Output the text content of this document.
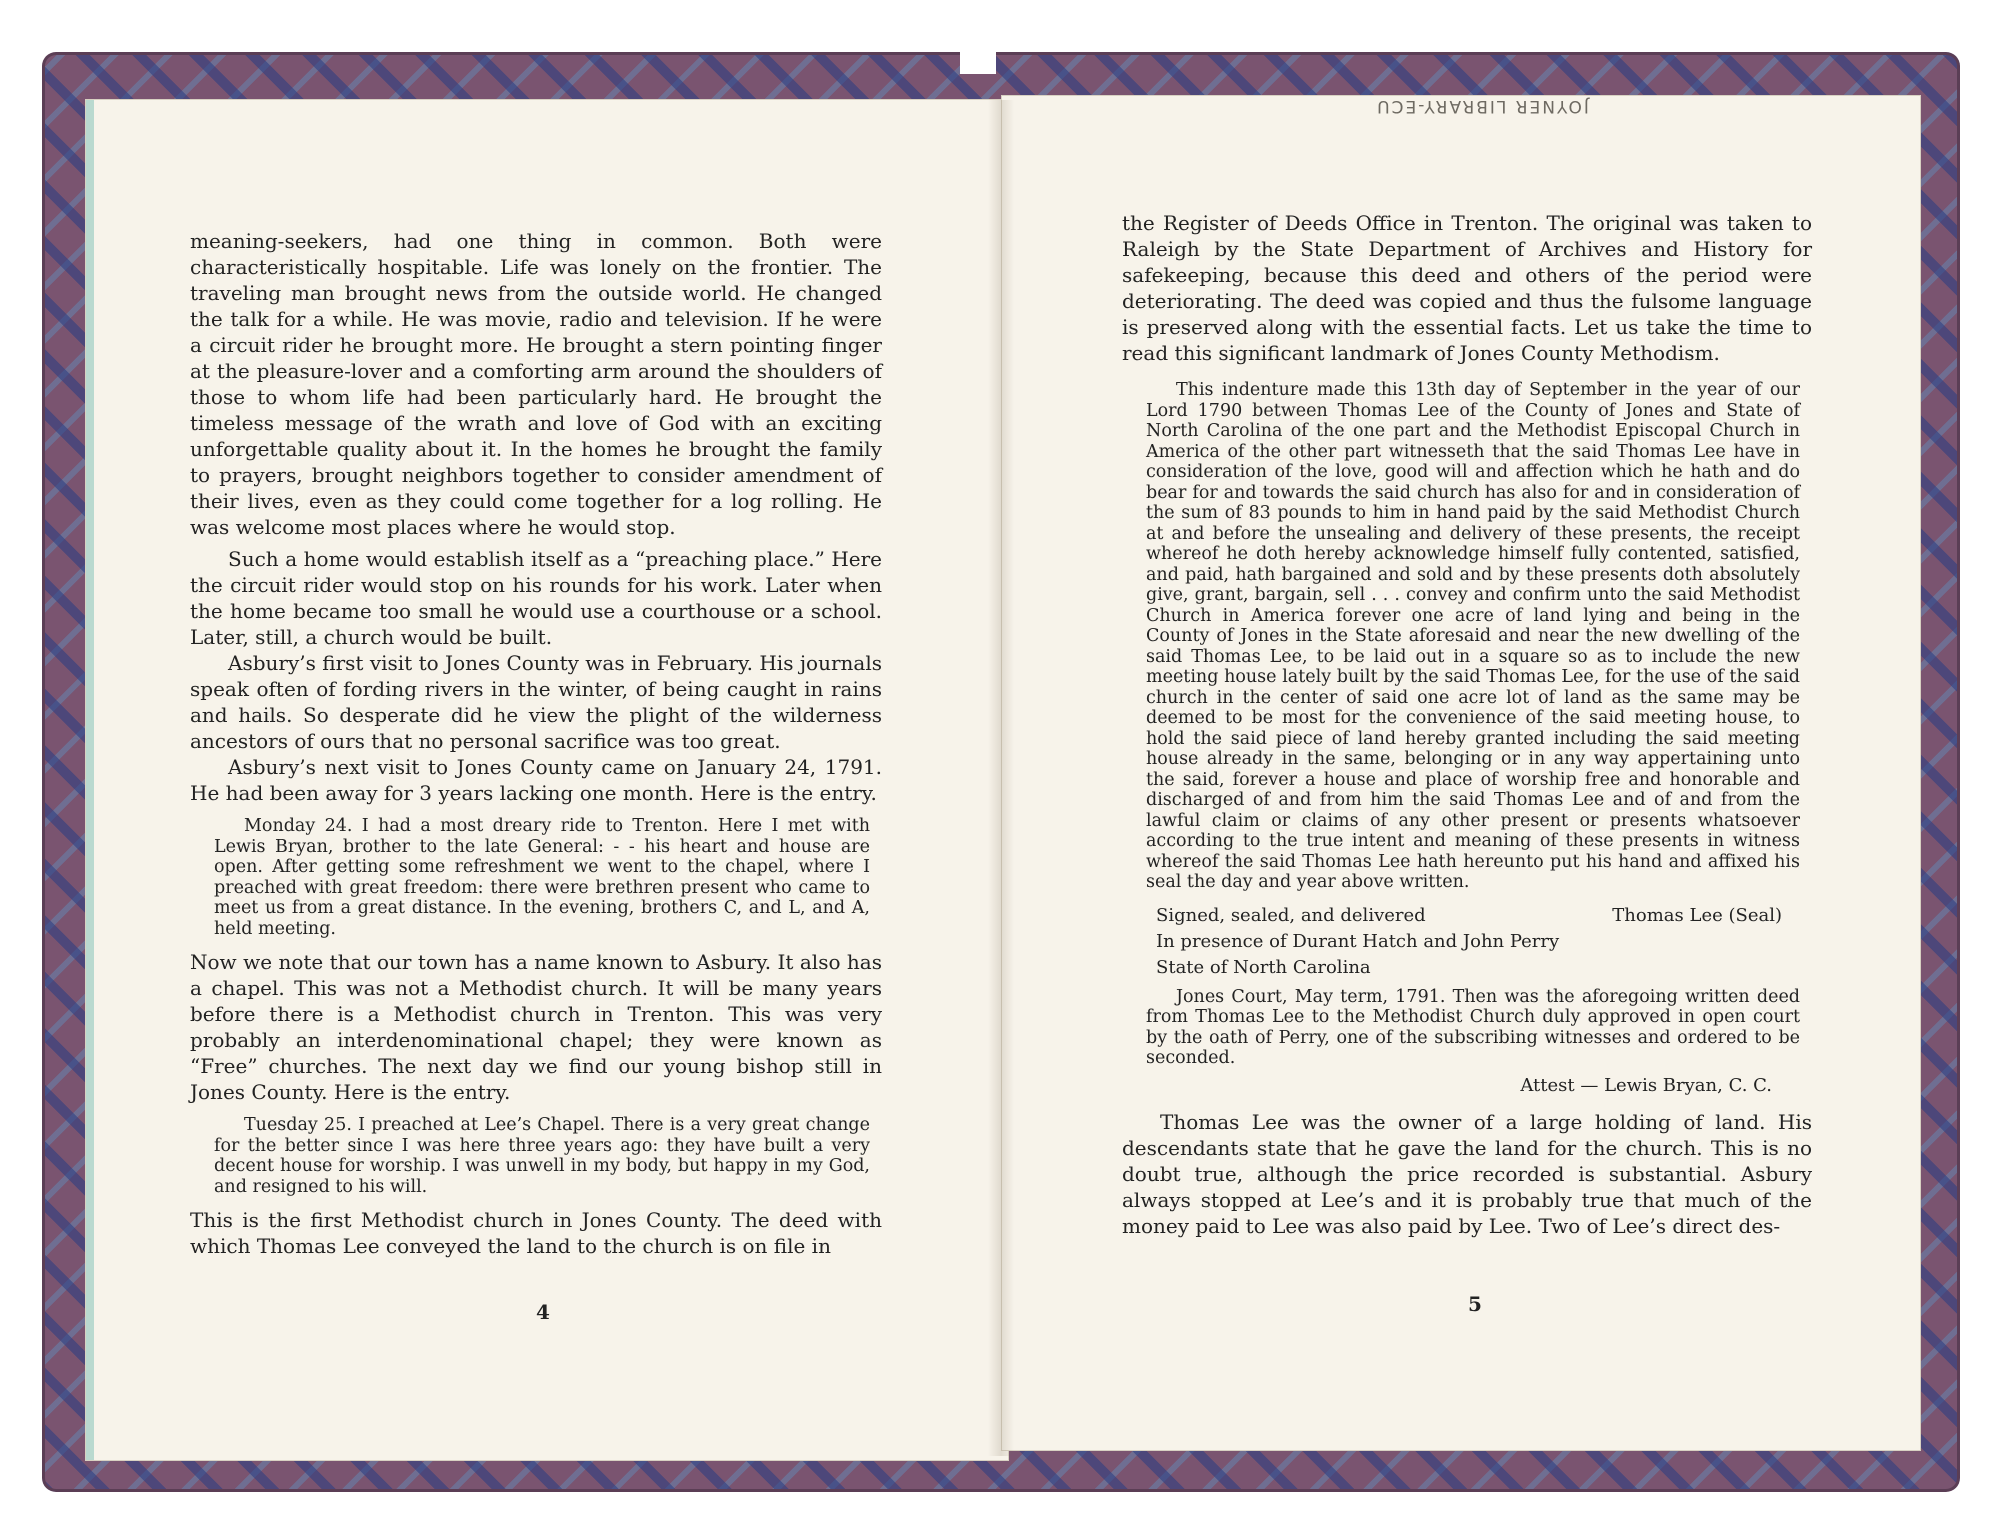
JOYNER LIBRARY-ECU

meaning-seekers, had one thing in common. Both were characteristically hospitable. Life was lonely on the frontier. The traveling man brought news from the outside world. He changed the talk for a while. He was movie, radio and television. If he were a circuit rider he brought more. He brought a stern pointing finger at the pleasure-lover and a comforting arm around the shoulders of those to whom life had been particularly hard. He brought the timeless message of the wrath and love of God with an exciting unforgettable quality about it. In the homes he brought the family to prayers, brought neighbors together to consider amendment of their lives, even as they could come together for a log rolling. He was welcome most places where he would stop.

Such a home would establish itself as a “preaching place.” Here the circuit rider would stop on his rounds for his work. Later when the home became too small he would use a courthouse or a school. Later, still, a church would be built.

Asbury’s first visit to Jones County was in February. His journals speak often of fording rivers in the winter, of being caught in rains and hails. So desperate did he view the plight of the wilderness ancestors of ours that no personal sacrifice was too great.

Asbury’s next visit to Jones County came on January 24, 1791. He had been away for 3 years lacking one month. Here is the entry.

Monday 24. I had a most dreary ride to Trenton. Here I met with Lewis Bryan, brother to the late General: - - his heart and house are open. After getting some refreshment we went to the chapel, where I preached with great freedom: there were brethren present who came to meet us from a great distance. In the evening, brothers C, and L, and A, held meeting.

Now we note that our town has a name known to Asbury. It also has a chapel. This was not a Methodist church. It will be many years before there is a Methodist church in Trenton. This was very probably an interdenominational chapel; they were known as “Free” churches. The next day we find our young bishop still in Jones County. Here is the entry.

Tuesday 25. I preached at Lee’s Chapel. There is a very great change for the better since I was here three years ago: they have built a very decent house for worship. I was unwell in my body, but happy in my God, and resigned to his will.

This is the first Methodist church in Jones County. The deed with which Thomas Lee conveyed the land to the church is on file in

4

the Register of Deeds Office in Trenton. The original was taken to Raleigh by the State Department of Archives and History for safekeeping, because this deed and others of the period were deteriorating. The deed was copied and thus the fulsome language is preserved along with the essential facts. Let us take the time to read this significant landmark of Jones County Methodism.

This indenture made this 13th day of September in the year of our Lord 1790 between Thomas Lee of the County of Jones and State of North Carolina of the one part and the Methodist Episcopal Church in America of the other part witnesseth that the said Thomas Lee have in consideration of the love, good will and affection which he hath and do bear for and towards the said church has also for and in consideration of the sum of 83 pounds to him in hand paid by the said Methodist Church at and before the unsealing and delivery of these presents, the receipt whereof he doth hereby acknowledge himself fully contented, satisfied, and paid, hath bargained and sold and by these presents doth absolutely give, grant, bargain, sell . . . convey and confirm unto the said Methodist Church in America forever one acre of land lying and being in the County of Jones in the State aforesaid and near the new dwelling of the said Thomas Lee, to be laid out in a square so as to include the new meeting house lately built by the said Thomas Lee, for the use of the said church in the center of said one acre lot of land as the same may be deemed to be most for the convenience of the said meeting house, to hold the said piece of land hereby granted including the said meeting house already in the same, belonging or in any way appertaining unto the said, forever a house and place of worship free and honorable and discharged of and from him the said Thomas Lee and of and from the lawful claim or claims of any other present or presents whatsoever according to the true intent and meaning of these presents in witness whereof the said Thomas Lee hath hereunto put his hand and affixed his seal the day and year above written.

Signed, sealed, and delivered	Thomas Lee (Seal)
In presence of Durant Hatch and John Perry
State of North Carolina

Jones Court, May term, 1791. Then was the aforegoing written deed from Thomas Lee to the Methodist Church duly approved in open court by the oath of Perry, one of the subscribing witnesses and ordered to be seconded.

Attest — Lewis Bryan, C. C.

Thomas Lee was the owner of a large holding of land. His descendants state that he gave the land for the church. This is no doubt true, although the price recorded is substantial. Asbury always stopped at Lee’s and it is probably true that much of the money paid to Lee was also paid by Lee. Two of Lee’s direct des-

5
